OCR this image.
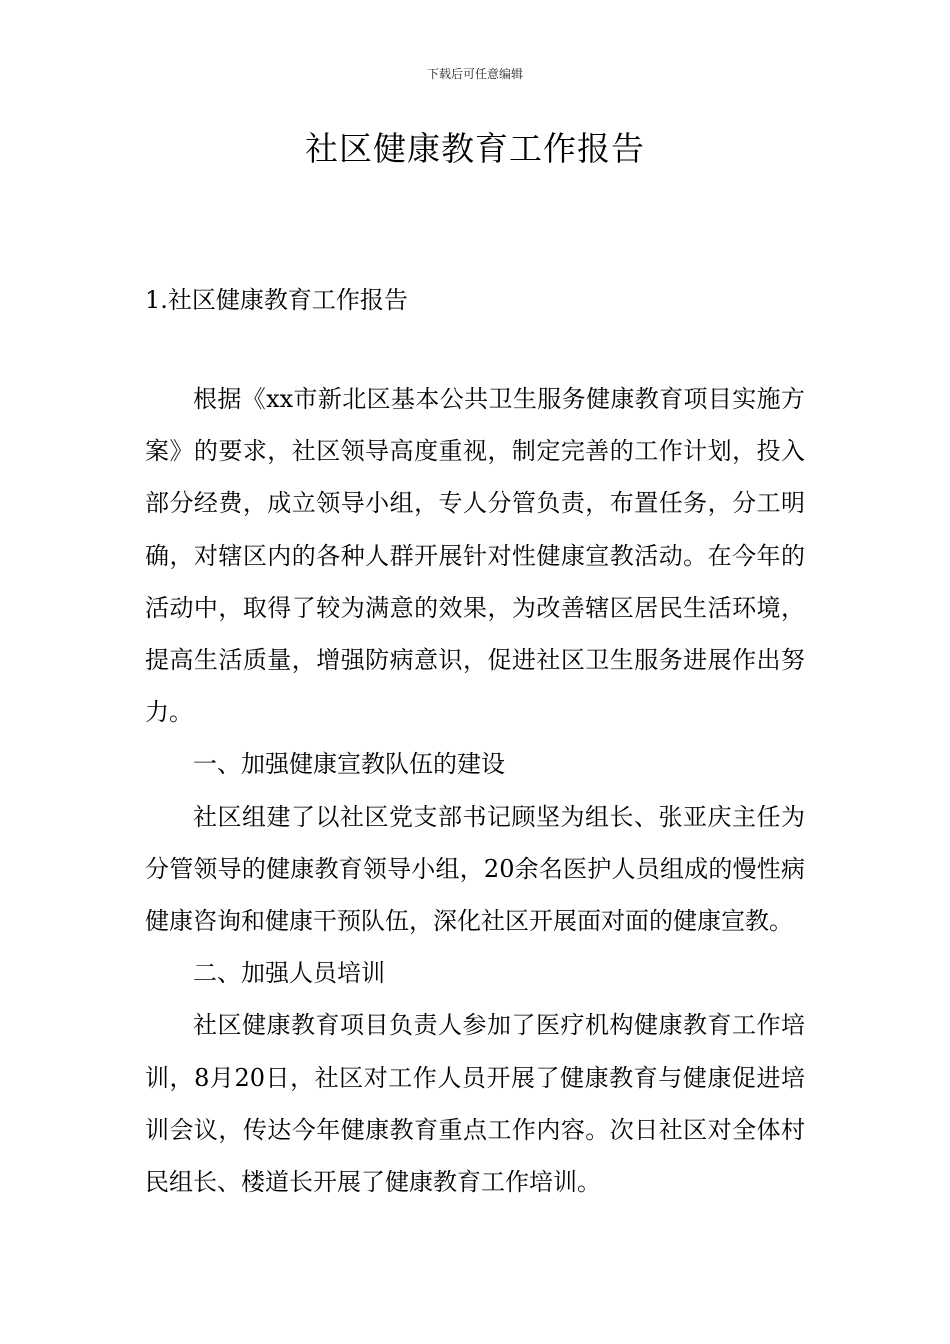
下载后可任意编辑
社区健康教育工作报告
1.社区健康教育工作报告

根据《xx市新北区基本公共卫生服务健康教育项目实施方案》的要求，社区领导高度重视，制定完善的工作计划，投入部分经费，成立领导小组，专人分管负责，布置任务，分工明确，对辖区内的各种人群开展针对性健康宣教活动。在今年的活动中，取得了较为满意的效果，为改善辖区居民生活环境，提高生活质量，增强防病意识，促进社区卫生服务进展作出努力。

一、加强健康宣教队伍的建设

社区组建了以社区党支部书记顾坚为组长、张亚庆主任为分管领导的健康教育领导小组，20余名医护人员组成的慢性病健康咨询和健康干预队伍，深化社区开展面对面的健康宣教。

二、加强人员培训

社区健康教育项目负责人参加了医疗机构健康教育工作培训，8月20日，社区对工作人员开展了健康教育与健康促进培训会议，传达今年健康教育重点工作内容。次日社区对全体村民组长、楼道长开展了健康教育工作培训。
